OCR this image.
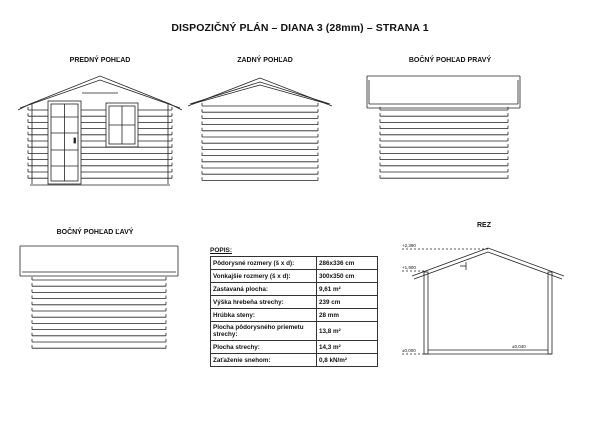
DISPOZIČNÝ PLÁN – DIANA 3 (28mm) – STRANA 1
PREDNÝ POHĽAD	ZADNÝ POHĽAD	BOČNÝ POHĽAD PRAVÝ
BOČNÝ POHĽAD ĽAVÝ
POPIS:
Pôdorysné rozmery (š x d):	286x336 cm
Vonkajšie rozmery (š x d):	300x350 cm
Zastavaná plocha:	9,61 m²
Výška hrebeňa strechy:	239 cm
Hrúbka steny:	28 mm
Plocha pôdorysného priemetu strechy:	13,8 m²
Plocha strechy:	14,3 m²
Zaťaženie snehom:	0,8 kN/m²
REZ
+2,390
+1,900
±0,000
±0,040
